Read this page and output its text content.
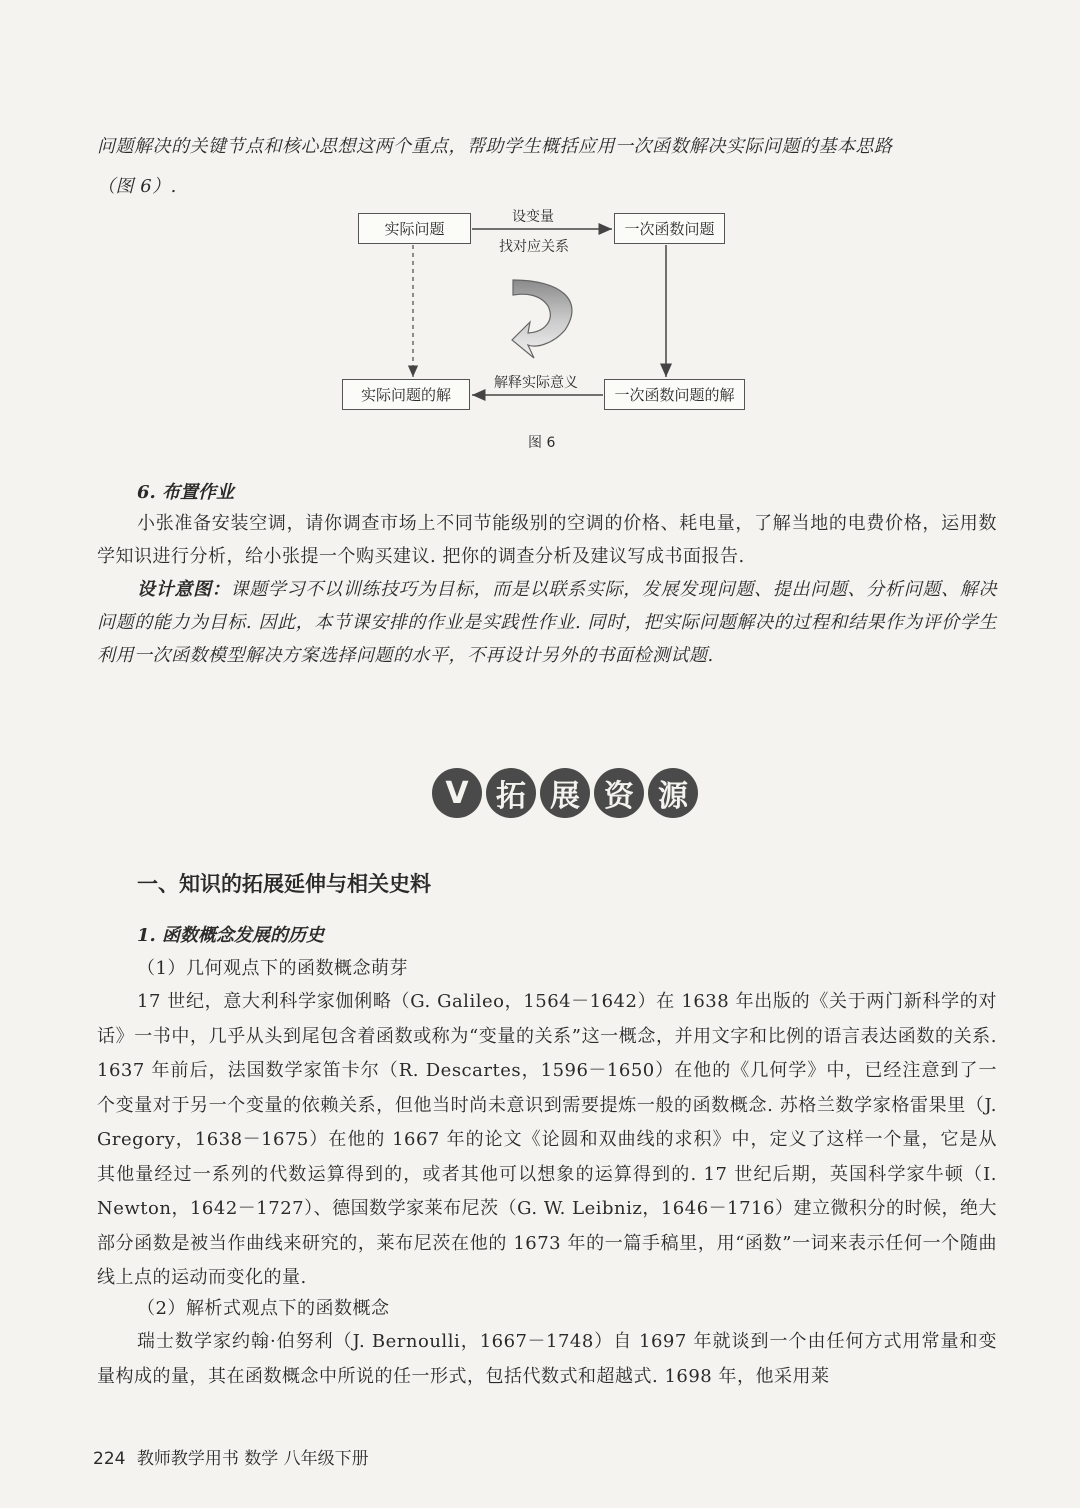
问题解决的关键节点和核心思想这两个重点，帮助学生概括应用一次函数解决实际问题的基本思路

（图 6）.

实际问题	一次函数问题
实际问题的解	一次函数问题的解
设变量
找对应关系
解释实际意义
图 6
6. 布置作业

小张准备安装空调，请你调查市场上不同节能级别的空调的价格、耗电量，了解当地的电费价格，运用数学知识进行分析，给小张提一个购买建议. 把你的调查分析及建议写成书面报告.

设计意图：课题学习不以训练技巧为目标，而是以联系实际，发展发现问题、提出问题、分析问题、解决问题的能力为目标. 因此，本节课安排的作业是实践性作业. 同时，把实际问题解决的过程和结果作为评价学生利用一次函数模型解决方案选择问题的水平，不再设计另外的书面检测试题.

V 拓 展 资 源
一、知识的拓展延伸与相关史料
1. 函数概念发展的历史

（1）几何观点下的函数概念萌芽

17 世纪，意大利科学家伽俐略（G. Galileo，1564－1642）在 1638 年出版的《关于两门新科学的对话》一书中，几乎从头到尾包含着函数或称为“变量的关系”这一概念，并用文字和比例的语言表达函数的关系. 1637 年前后，法国数学家笛卡尔（R. Descartes，1596－1650）在他的《几何学》中，已经注意到了一个变量对于另一个变量的依赖关系，但他当时尚未意识到需要提炼一般的函数概念. 苏格兰数学家格雷果里（J. Gregory，1638－1675）在他的 1667 年的论文《论圆和双曲线的求积》中，定义了这样一个量，它是从其他量经过一系列的代数运算得到的，或者其他可以想象的运算得到的. 17 世纪后期，英国科学家牛顿（I. Newton，1642－1727）、德国数学家莱布尼茨（G. W. Leibniz，1646－1716）建立微积分的时候，绝大部分函数是被当作曲线来研究的，莱布尼茨在他的 1673 年的一篇手稿里，用“函数”一词来表示任何一个随曲线上点的运动而变化的量.

（2）解析式观点下的函数概念

瑞士数学家约翰·伯努利（J. Bernoulli，1667－1748）自 1697 年就谈到一个由任何方式用常量和变量构成的量，其在函数概念中所说的任一形式，包括代数式和超越式. 1698 年，他采用莱

224 教师教学用书 数学 八年级下册
